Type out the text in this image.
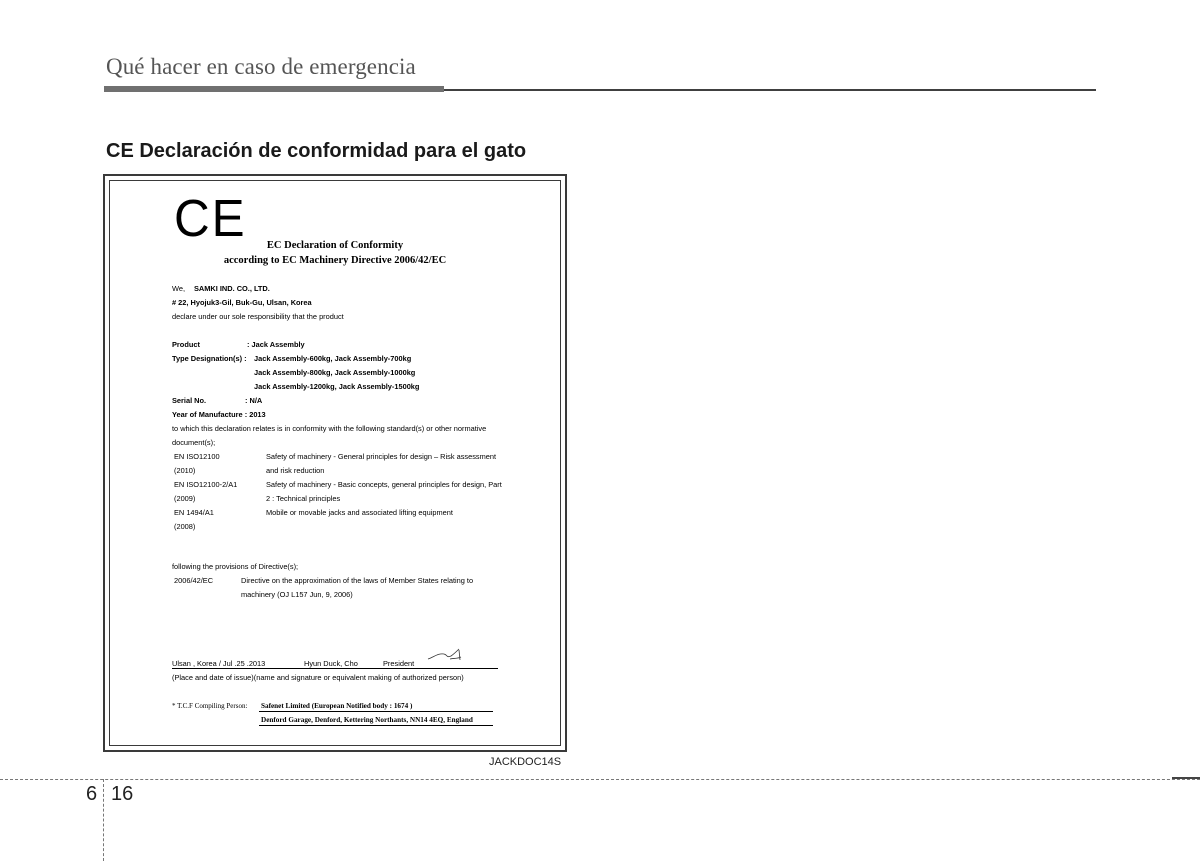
Qué hacer en caso de emergencia
CE Declaración de conformidad para el gato
CE	EC Declaration of Conformity
according to EC Machinery Directive 2006/42/EC
We, SAMKI IND. CO., LTD.
# 22, Hyojuk3-Gil, Buk-Gu, Ulsan, Korea
declare under our sole responsibility that the product
Product	: Jack Assembly
Type Designation(s) : Jack Assembly-600kg, Jack Assembly-700kg
Jack Assembly-800kg, Jack Assembly-1000kg
Jack Assembly-1200kg, Jack Assembly-1500kg
Serial No.	: N/A
Year of Manufacture : 2013
to which this declaration relates is in conformity with the following standard(s) or other normative
document(s);
EN ISO12100	Safety of machinery - General principles for design – Risk assessment
(2010)	and risk reduction
EN ISO12100-2/A1	Safety of machinery - Basic concepts, general principles for design, Part
(2009)	2 : Technical principles
EN 1494/A1	Mobile or movable jacks and associated lifting equipment
(2008)
following the provisions of Directive(s);
2006/42/EC	Directive on the approximation of the laws of Member States relating to
machinery (OJ L157 Jun, 9, 2006)
Ulsan , Korea / Jul .25 .2013	Hyun Duck, Cho	President
(Place and date of issue)(name and signature or equivalent making of authorized person)
* T.C.F Compiling Person: Safenet Limited (European Notified body : 1674 )
Denford Garage, Denford, Kettering Northants, NN14 4EQ, England
JACKDOC14S
6 16
